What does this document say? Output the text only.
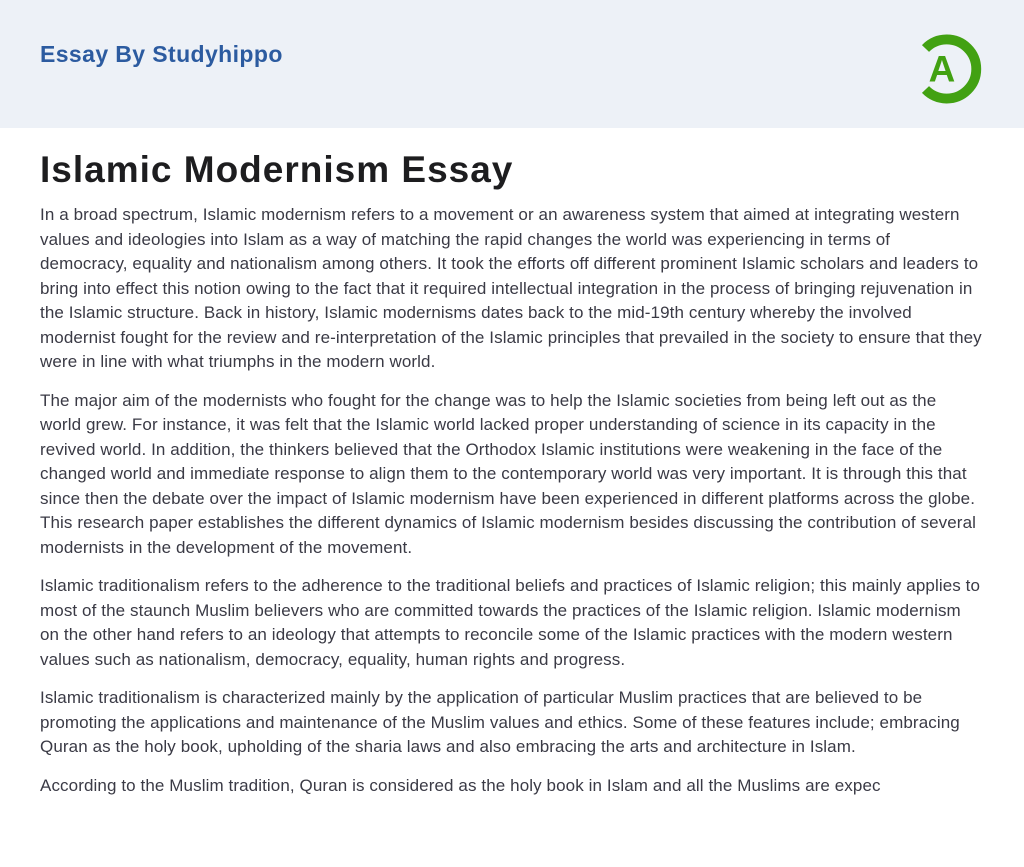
Essay By Studyhippo	A
Islamic Modernism Essay

In a broad spectrum, Islamic modernism refers to a movement or an awareness system that aimed at integrating western values and ideologies into Islam as a way of matching the rapid changes the world was experiencing in terms of democracy, equality and nationalism among others. It took the efforts off different prominent Islamic scholars and leaders to bring into effect this notion owing to the fact that it required intellectual integration in the process of bringing rejuvenation in the Islamic structure. Back in history, Islamic modernisms dates back to the mid-19th century whereby the involved modernist fought for the review and re-interpretation of the Islamic principles that prevailed in the society to ensure that they were in line with what triumphs in the modern world.

The major aim of the modernists who fought for the change was to help the Islamic societies from being left out as the world grew. For instance, it was felt that the Islamic world lacked proper understanding of science in its capacity in the revived world. In addition, the thinkers believed that the Orthodox Islamic institutions were weakening in the face of the changed world and immediate response to align them to the contemporary world was very important. It is through this that since then the debate over the impact of Islamic modernism have been experienced in different platforms across the globe. This research paper establishes the different dynamics of Islamic modernism besides discussing the contribution of several modernists in the development of the movement.

Islamic traditionalism refers to the adherence to the traditional beliefs and practices of Islamic religion; this mainly applies to most of the staunch Muslim believers who are committed towards the practices of the Islamic religion. Islamic modernism on the other hand refers to an ideology that attempts to reconcile some of the Islamic practices with the modern western values such as nationalism, democracy, equality, human rights and progress.

Islamic traditionalism is characterized mainly by the application of particular Muslim practices that are believed to be promoting the applications and maintenance of the Muslim values and ethics. Some of these features include; embracing Quran as the holy book, upholding of the sharia laws and also embracing the arts and architecture in Islam.

According to the Muslim tradition, Quran is considered as the holy book in Islam and all the Muslims are expec
